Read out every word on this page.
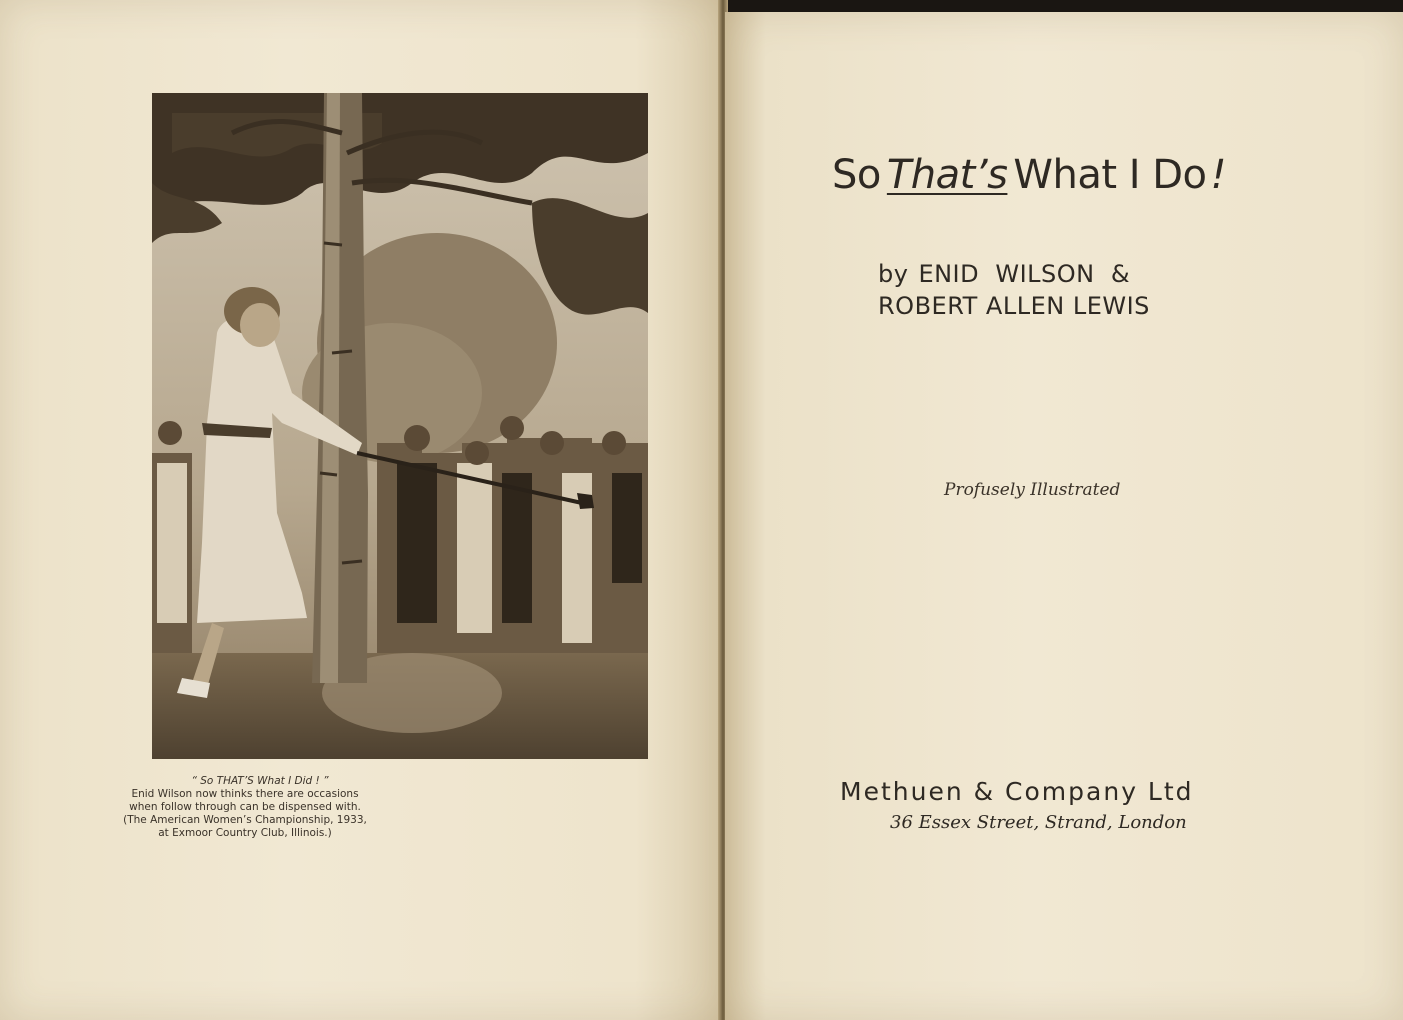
“ So THAT’S What I Did ! ”
Enid Wilson now thinks there are occasions
when follow through can be dispensed with.
(The American Women’s Championship, 1933,
at Exmoor Country Club, Illinois.)
So That’s What I Do !
by ENID  WILSON  &
ROBERT ALLEN LEWIS
Profusely Illustrated
Methuen & Company Ltd
36 Essex Street, Strand, London
